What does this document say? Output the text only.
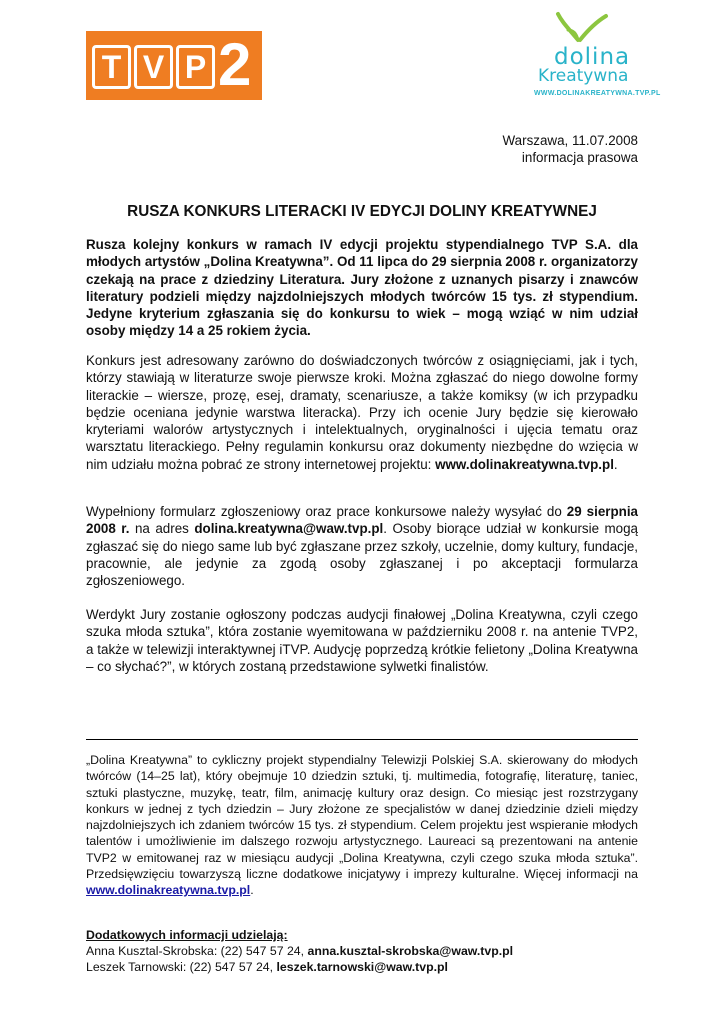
T V P 2	dolina
Kreatywna
WWW.DOLINAKREATYWNA.TVP.PL
Warszawa, 11.07.2008
informacja prasowa
RUSZA KONKURS LITERACKI IV EDYCJI DOLINY KREATYWNEJ
Rusza kolejny konkurs w ramach IV edycji projektu stypendialnego TVP S.A. dla młodych artystów „Dolina Kreatywna”. Od 11 lipca do 29 sierpnia 2008 r. organizatorzy czekają na prace z dziedziny Literatura. Jury złożone z uznanych pisarzy i znawców literatury podzieli między najzdolniejszych młodych twórców 15 tys. zł stypendium. Jedyne kryterium zgłaszania się do konkursu to wiek – mogą wziąć w nim udział osoby między 14 a 25 rokiem życia.
Konkurs jest adresowany zarówno do doświadczonych twórców z osiągnięciami, jak i tych, którzy stawiają w literaturze swoje pierwsze kroki. Można zgłaszać do niego dowolne formy literackie – wiersze, prozę, esej, dramaty, scenariusze, a także komiksy (w ich przypadku będzie oceniana jedynie warstwa literacka). Przy ich ocenie Jury będzie się kierowało kryteriami walorów artystycznych i intelektualnych, oryginalności i ujęcia tematu oraz warsztatu literackiego. Pełny regulamin konkursu oraz dokumenty niezbędne do wzięcia w nim udziału można pobrać ze strony internetowej projektu: www.dolinakreatywna.tvp.pl.
Wypełniony formularz zgłoszeniowy oraz prace konkursowe należy wysyłać do 29 sierpnia 2008 r. na adres dolina.kreatywna@waw.tvp.pl. Osoby biorące udział w konkursie mogą zgłaszać się do niego same lub być zgłaszane przez szkoły, uczelnie, domy kultury, fundacje, pracownie, ale jedynie za zgodą osoby zgłaszanej i po akceptacji formularza zgłoszeniowego.
Werdykt Jury zostanie ogłoszony podczas audycji finałowej „Dolina Kreatywna, czyli czego szuka młoda sztuka”, która zostanie wyemitowana w październiku 2008 r. na antenie TVP2, a także w telewizji interaktywnej iTVP. Audycję poprzedzą krótkie felietony „Dolina Kreatywna – co słychać?”, w których zostaną przedstawione sylwetki finalistów.
„Dolina Kreatywna” to cykliczny projekt stypendialny Telewizji Polskiej S.A. skierowany do młodych twórców (14–25 lat), który obejmuje 10 dziedzin sztuki, tj. multimedia, fotografię, literaturę, taniec, sztuki plastyczne, muzykę, teatr, film, animację kultury oraz design. Co miesiąc jest rozstrzygany konkurs w jednej z tych dziedzin – Jury złożone ze specjalistów w danej dziedzinie dzieli między najzdolniejszych ich zdaniem twórców 15 tys. zł stypendium. Celem projektu jest wspieranie młodych talentów i umożliwienie im dalszego rozwoju artystycznego. Laureaci są prezentowani na antenie TVP2 w emitowanej raz w miesiącu audycji „Dolina Kreatywna, czyli czego szuka młoda sztuka”. Przedsięwzięciu towarzyszą liczne dodatkowe inicjatywy i imprezy kulturalne. Więcej informacji na www.dolinakreatywna.tvp.pl.
Dodatkowych informacji udzielają:
Anna Kusztal-Skrobska: (22) 547 57 24, anna.kusztal-skrobska@waw.tvp.pl
Leszek Tarnowski: (22) 547 57 24, leszek.tarnowski@waw.tvp.pl
